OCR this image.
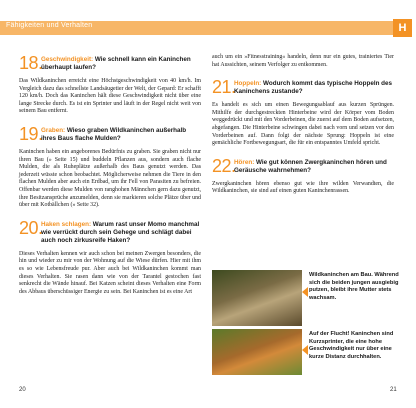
Fähigkeiten und Verhalten	H
18.
Geschwindigkeit: Wie schnell kann ein Kaninchen überhaupt laufen?

Das Wildkaninchen erreicht eine Höchstgeschwindigkeit von 40 km/h. Im Vergleich dazu das schnellste Landsäugetier der Welt, der Gepard: Er schafft 120 km/h. Doch das Kaninchen hält diese Geschwindigkeit nicht über eine lange Strecke durch. Es ist ein Sprinter und läuft in der Regel nicht weit von seinem Bau entfernt.

19.
Graben: Wieso graben Wildkaninchen außerhalb ihres Baus flache Mulden?

Kaninchen haben ein angeborenes Bedürfnis zu graben. Sie graben nicht nur ihren Bau (» Seite 15) und buddeln Pflanzen aus, sondern auch flache Mulden, die als Ruheplätze außerhalb des Baus genutzt werden. Das jederzeit wüsste schon beobachtet. Möglicherweise nehmen die Tiere in den flachen Mulden aber auch ein Erdbad, um ihr Fell von Parasiten zu befreien. Offenbar werden diese Mulden von ranghohen Männchen gern dazu genutzt, ihre Besitzansprüche anzumelden, denn sie markieren solche Plätze über und über mit Kotbällchen (» Seite 32).

20.
Haken schlagen: Warum rast unser Momo manchmal wie verrückt durch sein Gehege und schlägt dabei auch noch zirkusreife Haken?

Dieses Verhalten kennen wir auch schon bei meinen Zwergen besonders, die hin und wieder zu mir von der Wohnung auf die Wiese dürfen. Hier mit ihm es so wie Lebensfreude pur. Aber auch bei Wildkaninchen kommt man dieses Verhalten. Sie rasen dann wie von der Tarantel gestochen fast senkrecht die Wände hinauf. Bei Katzen scheint dieses Verhalten eine Form des Abbaus überschüssiger Energie zu sein. Bei Kaninchen ist es eine Art

auch um ein »Fitnesstraining« handeln, denn nur ein gutes, trainiertes Tier hat Aussichten, seinem Verfolger zu entkommen.

21.
Hoppeln: Wodurch kommt das typische Hoppeln des Kaninchens zustande?

Es handelt es sich um einen Bewegungsablauf aus kurzen Sprüngen. Mithilfe der durchgestreckten Hinterbeine wird der Körper vom Boden weggedrückt und mit den Vorderbeinen, die zuerst auf dem Boden aufsetzen, abgefangen. Die Hinterbeine schwingen dabei nach vorn und setzen vor den Vorderbeinen auf. Dann folgt der nächste Sprung: Hoppeln ist eine gemächliche Fortbewegungsart, die für ein entspanntes Umfeld spricht.

22.
Hören: Wie gut können Zwergkaninchen hören und Geräusche wahrnehmen?

Zwergkaninchen hören ebenso gut wie ihre wilden Verwandten, die Wildkaninchen, sie sind auf einen guten Kaninchenrassen.

Wildkaninchen am Bau. Während sich die beiden jungen ausgiebig putzen, bleibt ihre Mutter stets wachsam.
Auf der Flucht! Kaninchen sind Kurzsprinter, die eine hohe Geschwindigkeit nur über eine kurze Distanz durchhalten.
20	21
